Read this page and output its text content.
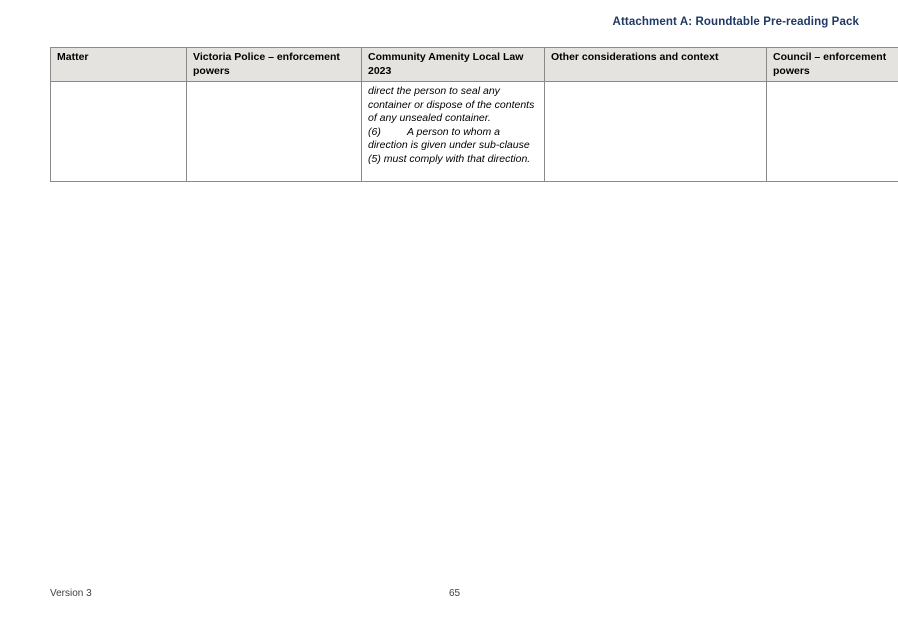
Attachment A: Roundtable Pre-reading Pack
Matter	Victoria Police – enforcement powers	Community Amenity Local Law 2023	Other considerations and context	Council – enforcement powers

		direct the person to seal any container or dispose of the contents of any unsealed container.

(6) A person to whom a direction is given under sub-clause (5) must comply with that direction.		

Version 3	65
